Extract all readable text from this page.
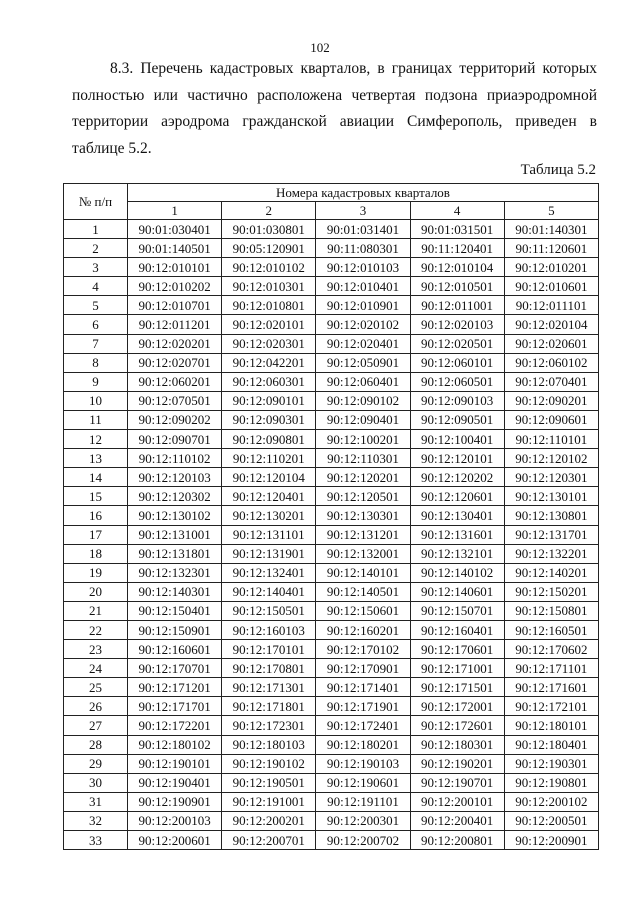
102

8.3. Перечень кадастровых кварталов, в границах территорий которых полностью или частично расположена четвертая подзона приаэродромной территории аэродрома гражданской авиации Симферополь, приведен в таблице 5.2.

Таблица 5.2
№ п/п	Номера кадастровых кварталов				
	1	2	3	4	5
1	90:01:030401	90:01:030801	90:01:031401	90:01:031501	90:01:140301
2	90:01:140501	90:05:120901	90:11:080301	90:11:120401	90:11:120601
3	90:12:010101	90:12:010102	90:12:010103	90:12:010104	90:12:010201
4	90:12:010202	90:12:010301	90:12:010401	90:12:010501	90:12:010601
5	90:12:010701	90:12:010801	90:12:010901	90:12:011001	90:12:011101
6	90:12:011201	90:12:020101	90:12:020102	90:12:020103	90:12:020104
7	90:12:020201	90:12:020301	90:12:020401	90:12:020501	90:12:020601
8	90:12:020701	90:12:042201	90:12:050901	90:12:060101	90:12:060102
9	90:12:060201	90:12:060301	90:12:060401	90:12:060501	90:12:070401
10	90:12:070501	90:12:090101	90:12:090102	90:12:090103	90:12:090201
11	90:12:090202	90:12:090301	90:12:090401	90:12:090501	90:12:090601
12	90:12:090701	90:12:090801	90:12:100201	90:12:100401	90:12:110101
13	90:12:110102	90:12:110201	90:12:110301	90:12:120101	90:12:120102
14	90:12:120103	90:12:120104	90:12:120201	90:12:120202	90:12:120301
15	90:12:120302	90:12:120401	90:12:120501	90:12:120601	90:12:130101
16	90:12:130102	90:12:130201	90:12:130301	90:12:130401	90:12:130801
17	90:12:131001	90:12:131101	90:12:131201	90:12:131601	90:12:131701
18	90:12:131801	90:12:131901	90:12:132001	90:12:132101	90:12:132201
19	90:12:132301	90:12:132401	90:12:140101	90:12:140102	90:12:140201
20	90:12:140301	90:12:140401	90:12:140501	90:12:140601	90:12:150201
21	90:12:150401	90:12:150501	90:12:150601	90:12:150701	90:12:150801
22	90:12:150901	90:12:160103	90:12:160201	90:12:160401	90:12:160501
23	90:12:160601	90:12:170101	90:12:170102	90:12:170601	90:12:170602
24	90:12:170701	90:12:170801	90:12:170901	90:12:171001	90:12:171101
25	90:12:171201	90:12:171301	90:12:171401	90:12:171501	90:12:171601
26	90:12:171701	90:12:171801	90:12:171901	90:12:172001	90:12:172101
27	90:12:172201	90:12:172301	90:12:172401	90:12:172601	90:12:180101
28	90:12:180102	90:12:180103	90:12:180201	90:12:180301	90:12:180401
29	90:12:190101	90:12:190102	90:12:190103	90:12:190201	90:12:190301
30	90:12:190401	90:12:190501	90:12:190601	90:12:190701	90:12:190801
31	90:12:190901	90:12:191001	90:12:191101	90:12:200101	90:12:200102
32	90:12:200103	90:12:200201	90:12:200301	90:12:200401	90:12:200501
33	90:12:200601	90:12:200701	90:12:200702	90:12:200801	90:12:200901
